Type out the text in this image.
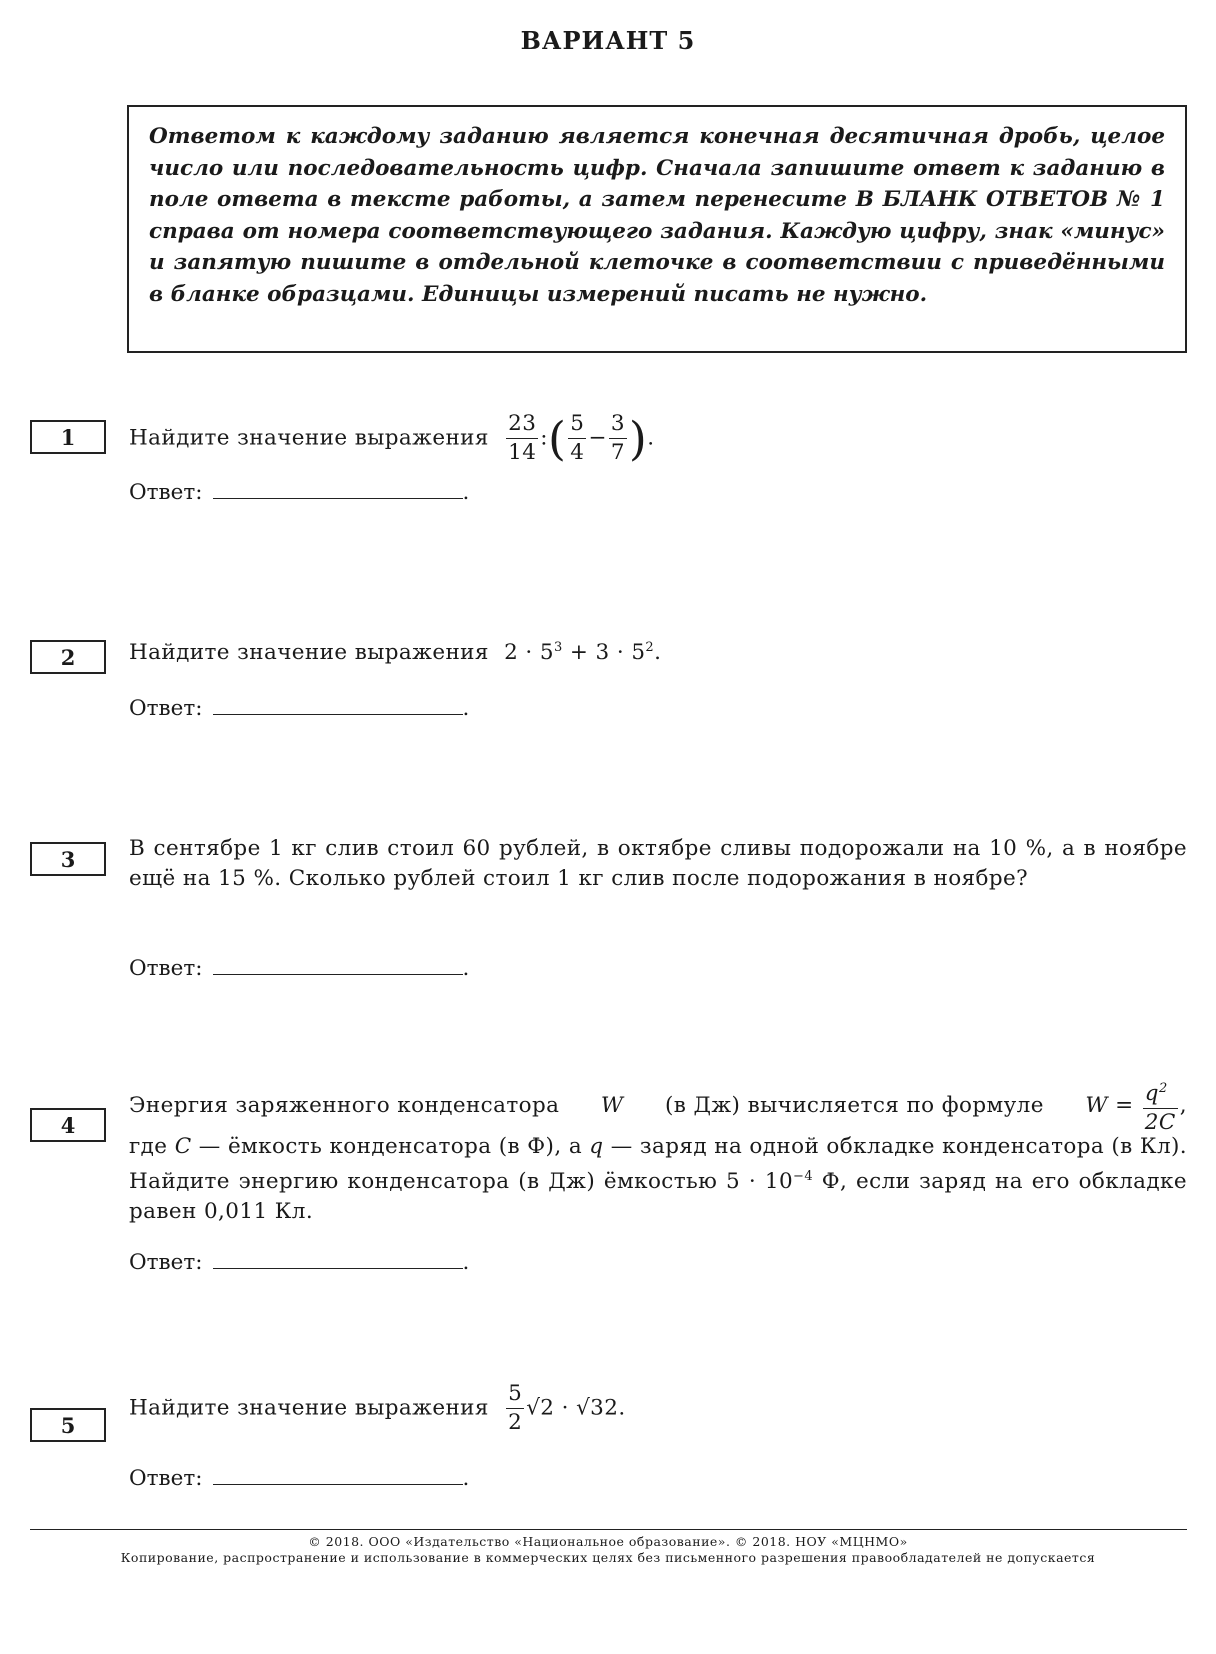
ВАРИАНТ 5
Ответом к каждому заданию является конечная десятичная дробь, целое число или последовательность цифр. Сначала запишите ответ к заданию в поле ответа в тексте работы, а затем перенесите В БЛАНК ОТВЕТОВ № 1 справа от номера соответствующего задания. Каждую цифру, знак «минус» и запятую пишите в отдельной клеточке в соответствии с приведёнными в бланке образцами. Единицы измерений писать не нужно.
1	Найдите значение выражения $\frac{23}{14}$ :( $\frac{5}{4} - \frac{3}{7}$ ).
Ответ:	.
2	Найдите значение выражения $2 \cdot 5^3 + 3 \cdot 5^2$.
Ответ:	.
3	В сентябре 1 кг слив стоил 60 рублей, в октябре сливы подорожали на 10 %, а в ноябре ещё на 15 %. Сколько рублей стоил 1 кг слив после подорожания в ноябре?
Ответ:	.
4
Энергия заряженного конденсатора W (в Дж) вычисляется по формуле $W = \frac{q^2}{2C}$ ,
где C — ёмкость конденсатора (в Ф), а q — заряд на одной обкладке конденсатора (в Кл). Найдите энергию конденсатора (в Дж) ёмкостью $5 \cdot 10^{-4}$ Ф, если заряд на его обкладке равен 0,011 Кл.
Ответ:	.
5
Найдите значение выражения $\frac{5}{2} √2 \cdot √32$.
Ответ:	.
© 2018. ООО «Издательство «Национальное образование». © 2018. НОУ «МЦНМО»
Копирование, распространение и использование в коммерческих целях без письменного разрешения правообладателей не допускается
